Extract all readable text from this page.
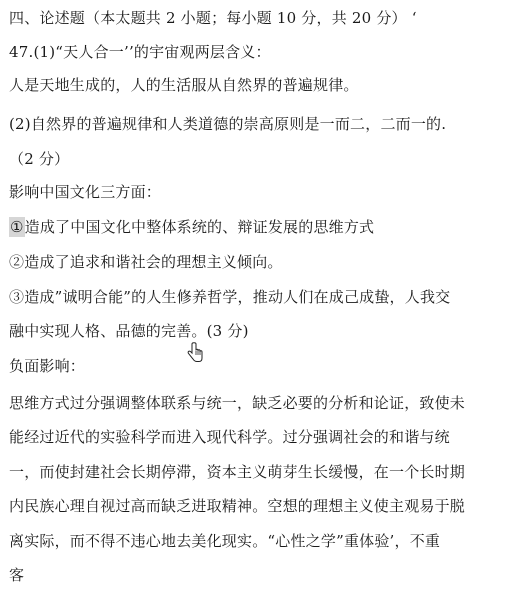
四、论述题（本太题共 2 小题；每小题 10 分，共 20 分） ‘
47.(1)“天人合一’’的宇宙观两层含义：
人是天地生成的，人的生活服从自然界的普遍规律。
(2)自然界的普遍规律和人类道德的崇高原则是一而二，二而一的.
（2 分）
影响中国文化三方面：
①造成了中国文化中整体系统的、辩证发展的思维方式
②造成了追求和谐社会的理想主义倾向。
③造成”诚明合能”的人生修养哲学，推动人们在成己成蛰，人我交
融中实现人格、品德的完善。(3 分)
负面影响：
思维方式过分强调整体联系与统一，缺乏必要的分析和论证，致使未
能经过近代的实验科学而进入现代科学。过分强调社会的和谐与统
一，而使封建社会长期停滞，资本主义萌芽生长缓慢，在一个长时期
内民族心理自视过高而缺乏进取精神。空想的理想主义使主观易于脱
离实际，而不得不违心地去美化现实。“心性之学”重体验’，不重
客
